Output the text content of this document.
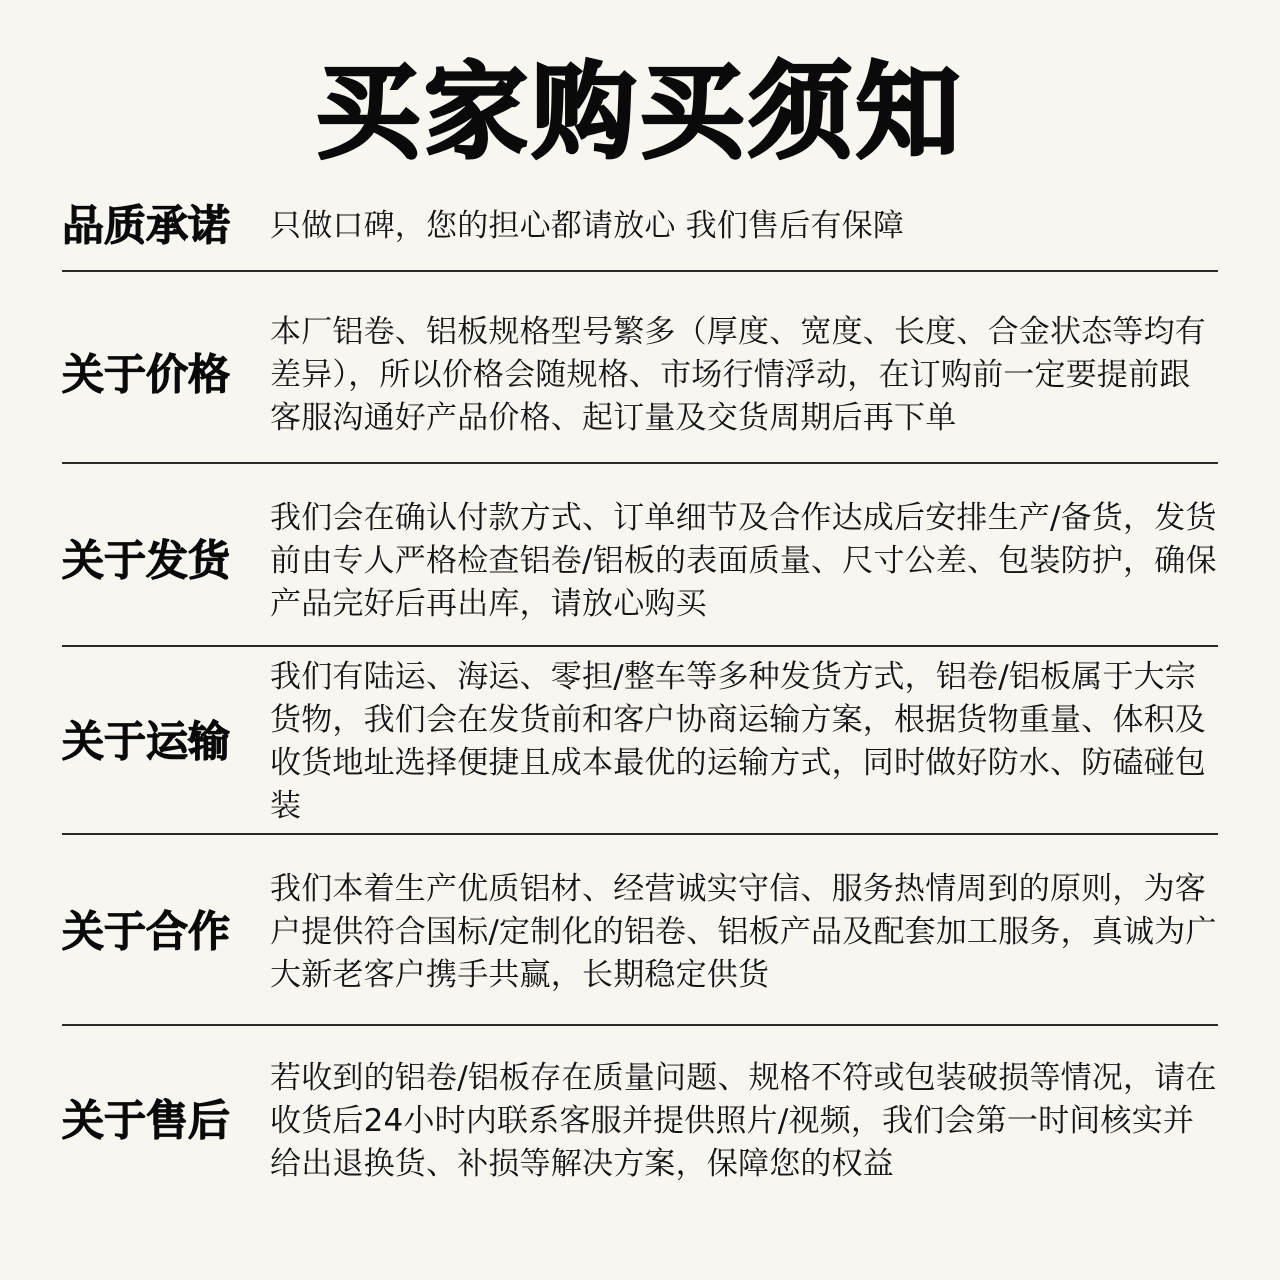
买家购买须知
品质承诺	只做口碑，您的担心都请放心 我们售后有保障
关于价格
本厂铝卷、铝板规格型号繁多（厚度、宽度、长度、合金状态等均有差异），所以价格会随规格、市场行情浮动，在订购前一定要提前跟客服沟通好产品价格、起订量及交货周期后再下单
关于发货
我们会在确认付款方式、订单细节及合作达成后安排生产/备货，发货前由专人严格检查铝卷/铝板的表面质量、尺寸公差、包装防护，确保产品完好后再出库，请放心购买
关于运输
我们有陆运、海运、零担/整车等多种发货方式，铝卷/铝板属于大宗货物，我们会在发货前和客户协商运输方案，根据货物重量、体积及收货地址选择便捷且成本最优的运输方式，同时做好防水、防磕碰包装
关于合作
我们本着生产优质铝材、经营诚实守信、服务热情周到的原则，为客户提供符合国标/定制化的铝卷、铝板产品及配套加工服务，真诚为广大新老客户携手共赢，长期稳定供货
关于售后
若收到的铝卷/铝板存在质量问题、规格不符或包装破损等情况，请在收货后24小时内联系客服并提供照片/视频，我们会第一时间核实并给出退换货、补损等解决方案，保障您的权益
